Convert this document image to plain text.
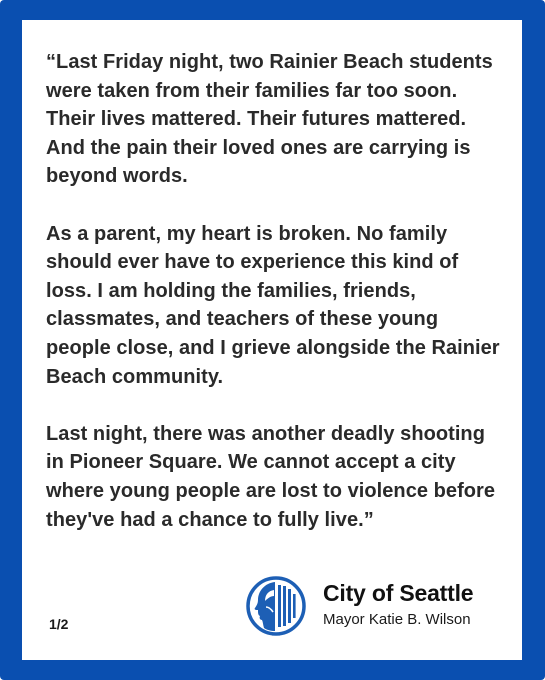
“Last Friday night, two Rainier Beach students were taken from their families far too soon. Their lives mattered. Their futures mattered. And the pain their loved ones are carrying is beyond words.

As a parent, my heart is broken. No family should ever have to experience this kind of loss. I am holding the families, friends, classmates, and teachers of these young people close, and I grieve alongside the Rainier Beach community.

Last night, there was another deadly shooting in Pioneer Square. We cannot accept a city where young people are lost to violence before they've had a chance to fully live.”

1/2
City of Seattle
Mayor Katie B. Wilson
